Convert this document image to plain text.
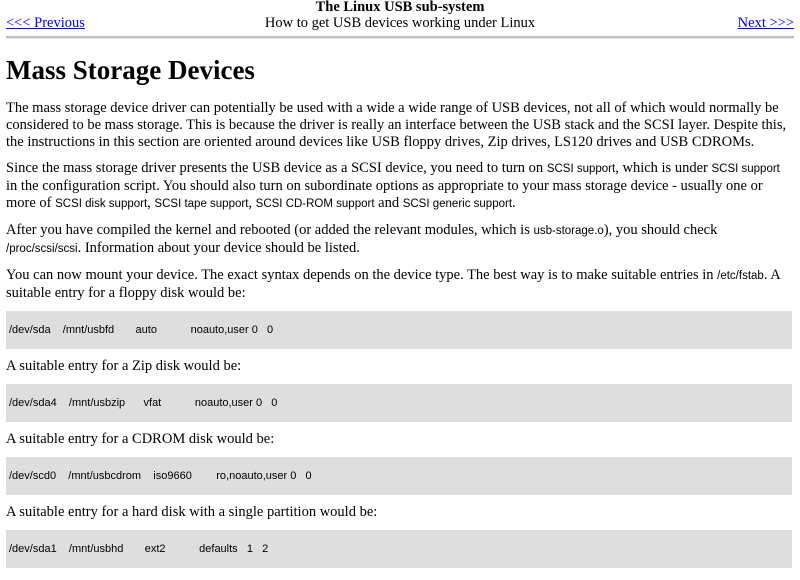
The Linux USB sub-system
How to get USB devices working under Linux
<<< Previous	Next >>>
Mass Storage Devices

The mass storage device driver can potentially be used with a wide a wide range of USB devices, not all of which would normally be considered to be mass storage. This is because the driver is really an interface between the USB stack and the SCSI layer. Despite this, the instructions in this section are oriented around devices like USB floppy drives, Zip drives, LS120 drives and USB CDROMs.

Since the mass storage driver presents the USB device as a SCSI device, you need to turn on SCSI support, which is under SCSI support in the configuration script. You should also turn on subordinate options as appropriate to your mass storage device - usually one or more of SCSI disk support, SCSI tape support, SCSI CD-ROM support and SCSI generic support.

After you have compiled the kernel and rebooted (or added the relevant modules, which is usb-storage.o), you should check /proc/scsi/scsi. Information about your device should be listed.

You can now mount your device. The exact syntax depends on the device type. The best way is to make suitable entries in /etc/fstab. A suitable entry for a floppy disk would be:

/dev/sda    /mnt/usbfd       auto           noauto,user 0   0

A suitable entry for a Zip disk would be:

/dev/sda4    /mnt/usbzip      vfat           noauto,user 0   0

A suitable entry for a CDROM disk would be:

/dev/scd0    /mnt/usbcdrom    iso9660        ro,noauto,user 0   0

A suitable entry for a hard disk with a single partition would be:

/dev/sda1    /mnt/usbhd       ext2           defaults   1   2
